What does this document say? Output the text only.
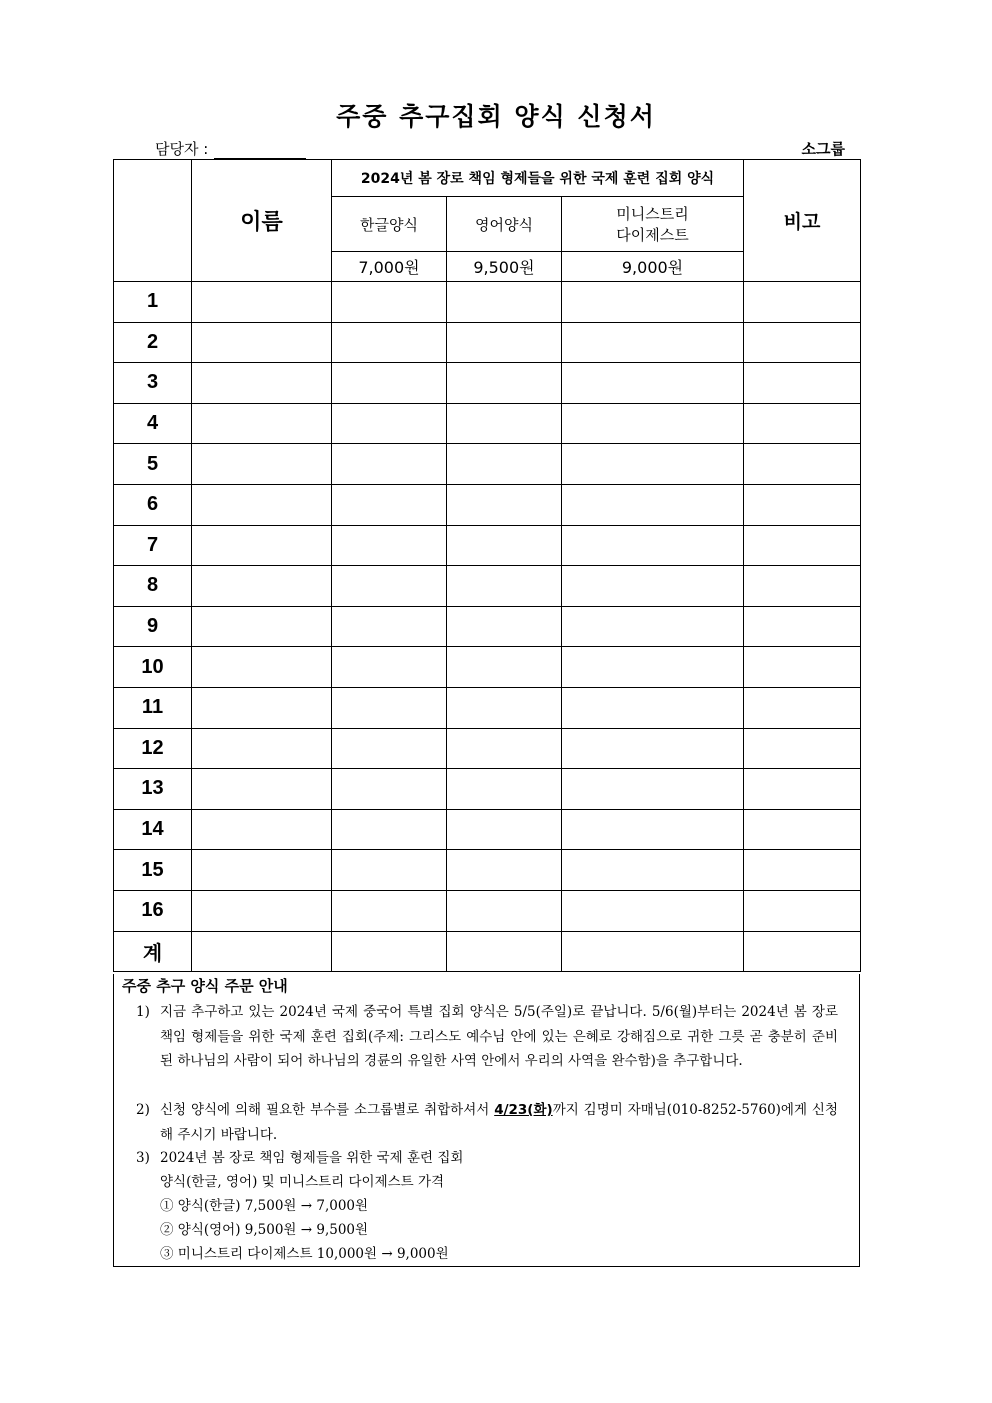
주중 추구집회 양식 신청서
담당자 :	소그룹
	이름	2024년 봄 장로 책임 형제들을 위한 국제 훈련 집회 양식			비고
		한글양식	영어양식	미니스트리
다이제스트	

		7,000원	9,500원	9,000원	
1					
2					
3					
4					
5					
6					
7					
8					
9					
10					
11					
12					
13					
14					
15					
16					
계					
주중 추구 양식 주문 안내
1) 지금 추구하고 있는 2024년 국제 중국어 특별 집회 양식은 5/5(주일)로 끝납니다. 5/6(월)부터는 2024년 봄 장로 책임 형제들을 위한 국제 훈련 집회(주제: 그리스도 예수님 안에 있는 은혜로 강해짐으로 귀한 그릇 곧 충분히 준비된 하나님의 사람이 되어 하나님의 경륜의 유일한 사역 안에서 우리의 사역을 완수함)을 추구합니다.
2) 신청 양식에 의해 필요한 부수를 소그룹별로 취합하셔서 4/23(화)까지 김명미 자매님(010-8252-5760)에게 신청해 주시기 바랍니다.
3) 2024년 봄 장로 책임 형제들을 위한 국제 훈련 집회
양식(한글, 영어) 및 미니스트리 다이제스트 가격
① 양식(한글) 7,500원 → 7,000원
② 양식(영어) 9,500원 → 9,500원
③ 미니스트리 다이제스트 10,000원 → 9,000원
